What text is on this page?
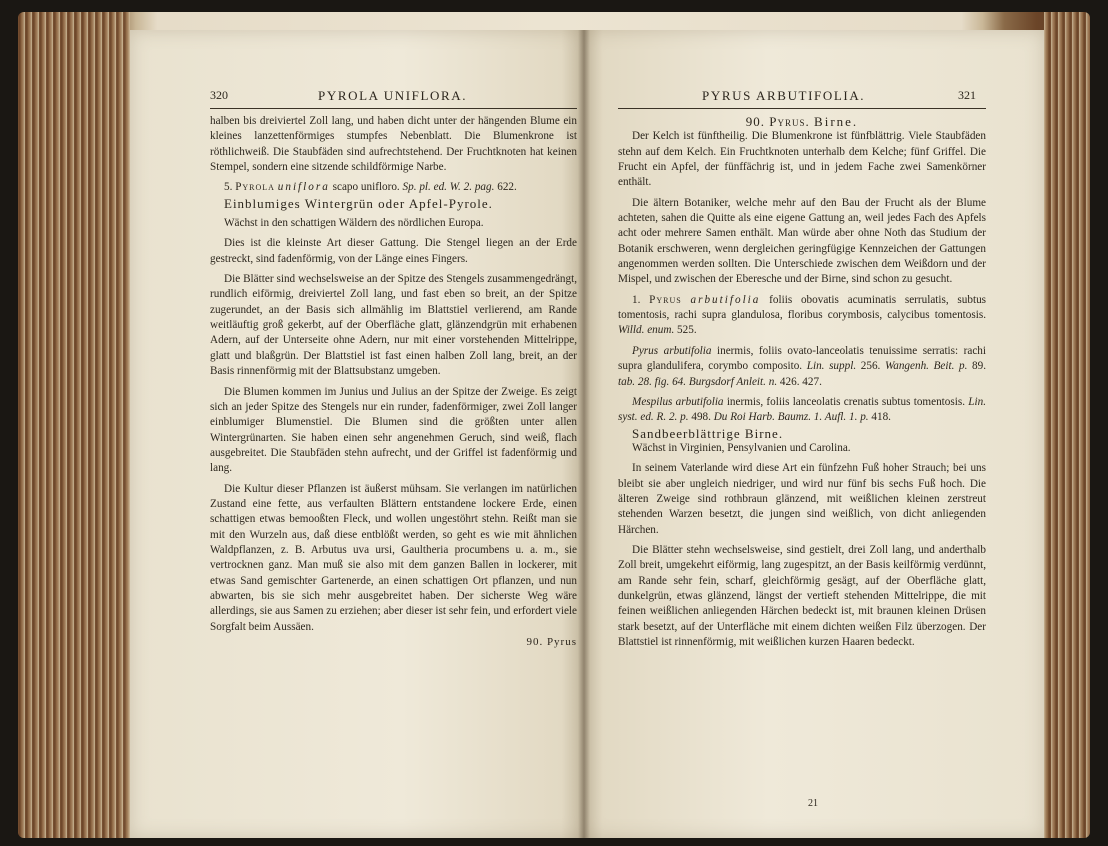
320	PYROLA UNIFLORA.

halben bis dreiviertel Zoll lang, und haben dicht unter der hängenden Blume ein kleines lanzettenförmiges stumpfes Nebenblatt. Die Blumenkrone ist röthlichweiß. Die Staubfäden sind aufrechtstehend. Der Fruchtknoten hat keinen Stempel, sondern eine sitzende schildförmige Narbe.

5. Pyrola uniflora scapo unifloro. Sp. pl. ed. W. 2. pag. 622.

Einblumiges Wintergrün oder Apfel-Pyrole.

Wächst in den schattigen Wäldern des nördlichen Europa.

Dies ist die kleinste Art dieser Gattung. Die Stengel liegen an der Erde gestreckt, sind fadenförmig, von der Länge eines Fingers.

Die Blätter sind wechselsweise an der Spitze des Stengels zusammengedrängt, rundlich eiförmig, dreiviertel Zoll lang, und fast eben so breit, an der Spitze zugerundet, an der Basis sich allmählig im Blattstiel verlierend, am Rande weitläuftig groß gekerbt, auf der Oberfläche glatt, glänzendgrün mit erhabenen Adern, auf der Unterseite ohne Adern, nur mit einer vorstehenden Mittelrippe, glatt und blaßgrün. Der Blattstiel ist fast einen halben Zoll lang, breit, an der Basis rinnenförmig mit der Blattsubstanz umgeben.

Die Blumen kommen im Junius und Julius an der Spitze der Zweige. Es zeigt sich an jeder Spitze des Stengels nur ein runder, fadenförmiger, zwei Zoll langer einblumiger Blumenstiel. Die Blumen sind die größten unter allen Wintergrünarten. Sie haben einen sehr angenehmen Geruch, sind weiß, flach ausgebreitet. Die Staubfäden stehn aufrecht, und der Griffel ist fadenförmig und lang.

Die Kultur dieser Pflanzen ist äußerst mühsam. Sie verlangen im natürlichen Zustand eine fette, aus verfaulten Blättern entstandene lockere Erde, einen schattigen etwas bemooßten Fleck, und wollen ungestöhrt stehn. Reißt man sie mit den Wurzeln aus, daß diese entblößt werden, so geht es wie mit ähnlichen Waldpflanzen, z. B. Arbutus uva ursi, Gaultheria procumbens u. a. m., sie vertrocknen ganz. Man muß sie also mit dem ganzen Ballen in lockerer, mit etwas Sand gemischter Gartenerde, an einen schattigen Ort pflanzen, und nun abwarten, bis sie sich mehr ausgebreitet haben. Der sicherste Weg wäre allerdings, sie aus Samen zu erziehen; aber dieser ist sehr fein, und erfordert viele Sorgfalt beim Aussäen.

90. Pyrus

PYRUS ARBUTIFOLIA.	321

90. Pyrus. Birne.

Der Kelch ist fünftheilig. Die Blumenkrone ist fünfblättrig. Viele Staubfäden stehn auf dem Kelch. Ein Fruchtknoten unterhalb dem Kelche; fünf Griffel. Die Frucht ein Apfel, der fünffächrig ist, und in jedem Fache zwei Samenkörner enthält.

Die ältern Botaniker, welche mehr auf den Bau der Frucht als der Blume achteten, sahen die Quitte als eine eigene Gattung an, weil jedes Fach des Apfels acht oder mehrere Samen enthält. Man würde aber ohne Noth das Studium der Botanik erschweren, wenn dergleichen geringfügige Kennzeichen der Gattungen angenommen werden sollten. Die Unterschiede zwischen dem Weißdorn und der Mispel, und zwischen der Eberesche und der Birne, sind schon zu gesucht.

1. Pyrus arbutifolia foliis obovatis acuminatis serrulatis, subtus tomentosis, rachi supra glandulosa, floribus corymbosis, calycibus tomentosis. Willd. enum. 525.

Pyrus arbutifolia inermis, foliis ovato-lanceolatis tenuissime serratis: rachi supra glandulifera, corymbo composito. Lin. suppl. 256. Wangenh. Beit. p. 89. tab. 28. fig. 64. Burgsdorf Anleit. n. 426. 427.

Mespilus arbutifolia inermis, foliis lanceolatis crenatis subtus tomentosis. Lin. syst. ed. R. 2. p. 498. Du Roi Harb. Baumz. 1. Aufl. 1. p. 418.

Sandbeerblättrige Birne.

Wächst in Virginien, Pensylvanien und Carolina.

In seinem Vaterlande wird diese Art ein fünfzehn Fuß hoher Strauch; bei uns bleibt sie aber ungleich niedriger, und wird nur fünf bis sechs Fuß hoch. Die älteren Zweige sind rothbraun glänzend, mit weißlichen kleinen zerstreut stehenden Warzen besetzt, die jungen sind weißlich, von dicht anliegenden Härchen.

Die Blätter stehn wechselsweise, sind gestielt, drei Zoll lang, und anderthalb Zoll breit, umgekehrt eiförmig, lang zugespitzt, an der Basis keilförmig verdünnt, am Rande sehr fein, scharf, gleichförmig gesägt, auf der Oberfläche glatt, dunkelgrün, etwas glänzend, längst der vertieft stehenden Mittelrippe, die mit feinen weißlichen anliegenden Härchen bedeckt ist, mit braunen kleinen Drüsen stark besetzt, auf der Unterfläche mit einem dichten weißen Filz überzogen. Der Blattstiel ist rinnenförmig, mit weißlichen kurzen Haaren bedeckt.

21
